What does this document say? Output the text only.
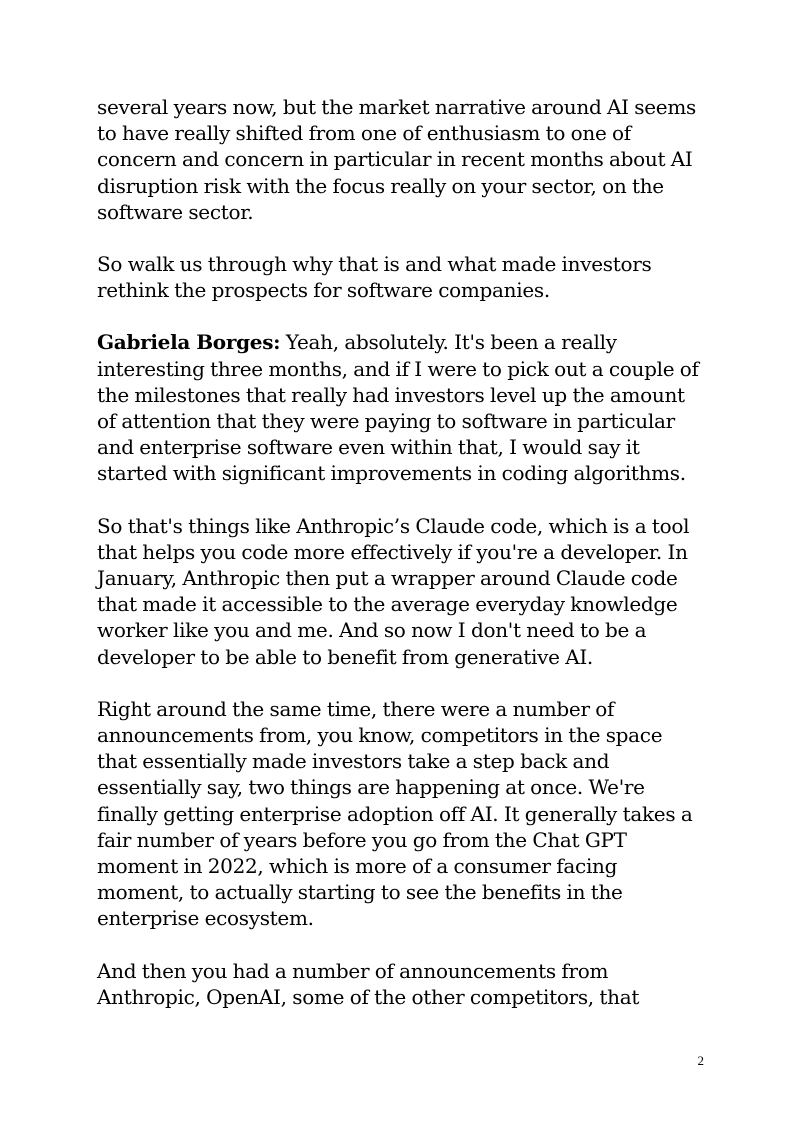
several years now, but the market narrative around AI seems to have really shifted from one of enthusiasm to one of concern and concern in particular in recent months about AI disruption risk with the focus really on your sector, on the software sector.

So walk us through why that is and what made investors rethink the prospects for software companies.

Gabriela Borges: Yeah, absolutely. It's been a really interesting three months, and if I were to pick out a couple of the milestones that really had investors level up the amount of attention that they were paying to software in particular and enterprise software even within that, I would say it started with significant improvements in coding algorithms.

So that's things like Anthropic’s Claude code, which is a tool that helps you code more effectively if you're a developer. In January, Anthropic then put a wrapper around Claude code that made it accessible to the average everyday knowledge worker like you and me. And so now I don't need to be a developer to be able to benefit from generative AI.

Right around the same time, there were a number of announcements from, you know, competitors in the space that essentially made investors take a step back and essentially say, two things are happening at once. We're finally getting enterprise adoption off AI. It generally takes a fair number of years before you go from the Chat GPT moment in 2022, which is more of a consumer facing moment, to actually starting to see the benefits in the enterprise ecosystem.

And then you had a number of announcements from Anthropic, OpenAI, some of the other competitors, that

2
